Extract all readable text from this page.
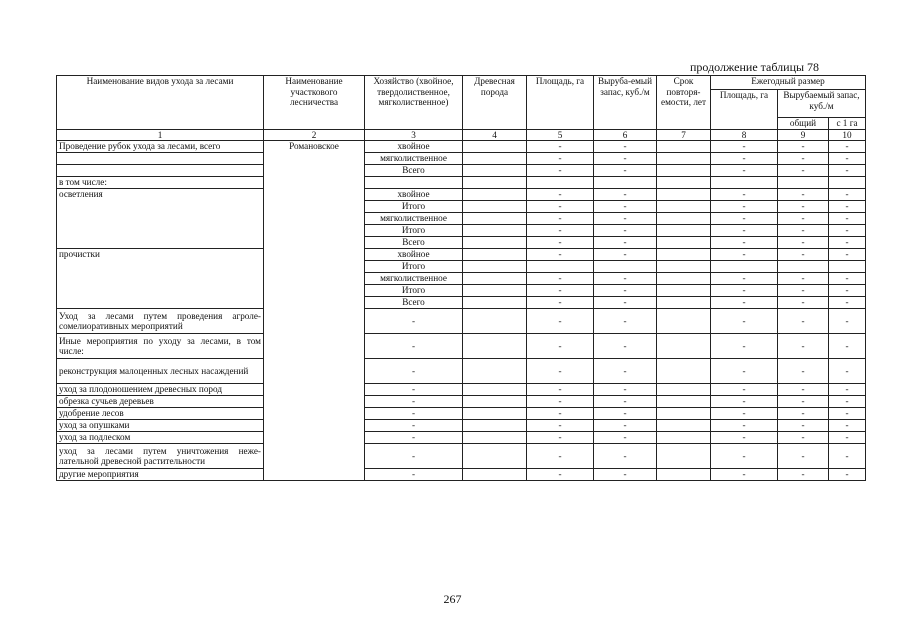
продолжение таблицы 78
Наименование видов ухода за лесами	Наименование участкового лесничества	Хозяйство (хвойное, твердолиственное, мягколиственное)	Древесная порода	Площадь, га	Выруба-емый запас, куб./м	Срок повторя-емости, лет	Ежегодный размер		
							Площадь, га	Вырубаемый запас, куб./м	
								общий	с 1 га
1	2	3	4	5	6	7	8	9	10
Проведение рубок ухода за лесами, всего	Романовское	хвойное		-	-		-	-	-
		мягколиственное		-	-		-	-	-
		Всего		-	-		-	-	-
в том числе:									
осветления		хвойное		-	-		-	-	-
		Итого		-	-		-	-	-
		мягколиственное		-	-		-	-	-
		Итого		-	-		-	-	-
		Всего		-	-		-	-	-
прочистки		хвойное		-	-		-	-	-
		Итого							
		мягколиственное		-	-		-	-	-
		Итого		-	-		-	-	-
		Всего		-	-		-	-	-
Уход за лесами путем проведения агроле-сомелиоративных мероприятий		-		-	-		-	-	-
Иные мероприятия по уходу за лесами, в том числе:		-		-	-		-	-	-
реконструкция малоценных лесных насаждений		-		-	-		-	-	-
уход за плодоношением древесных пород		-		-	-		-	-	-
обрезка сучьев деревьев		-		-	-		-	-	-
удобрение лесов		-		-	-		-	-	-
уход за опушками		-		-	-		-	-	-
уход за подлеском		-		-	-		-	-	-
уход за лесами путем уничтожения неже-лательной древесной растительности		-		-	-		-	-	-
другие мероприятия		-		-	-		-	-	-
267
